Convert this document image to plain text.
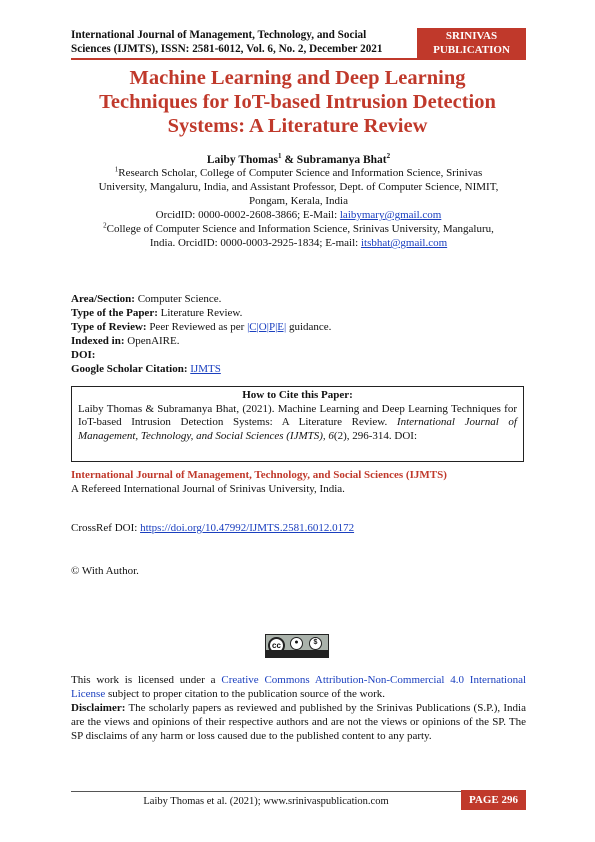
International Journal of Management, Technology, and Social
Sciences (IJMTS), ISSN: 2581-6012, Vol. 6, No. 2, December 2021
SRINIVAS
PUBLICATION
Machine Learning and Deep Learning
Techniques for IoT-based Intrusion Detection
Systems: A Literature Review
Laiby Thomas$^1$ & Subramanya Bhat$^2$
$^1$Research Scholar, College of Computer Science and Information Science, Srinivas
University, Mangaluru, India, and Assistant Professor, Dept. of Computer Science, NIMIT,
Pongam, Kerala, India
OrcidID: 0000-0002-2608-3866; E-Mail: laibymary@gmail.com
$^2$College of Computer Science and Information Science, Srinivas University, Mangaluru,
India. OrcidID: 0000-0003-2925-1834; E-mail: itsbhat@gmail.com
Area/Section: Computer Science.
Type of the Paper: Literature Review.
Type of Review: Peer Reviewed as per |C|O|P|E| guidance.
Indexed in: OpenAIRE.
DOI:
Google Scholar Citation: IJMTS
How to Cite this Paper:
Laiby Thomas & Subramanya Bhat, (2021). Machine Learning and Deep Learning Techniques for IoT-based Intrusion Detection Systems: A Literature Review. International Journal of Management, Technology, and Social Sciences (IJMTS), 6(2), 296-314. DOI:
International Journal of Management, Technology, and Social Sciences (IJMTS)
A Refereed International Journal of Srinivas University, India.
CrossRef DOI: https://doi.org/10.47992/IJMTS.2581.6012.0172
© With Author.
cc	●	$
This work is licensed under a Creative Commons Attribution-Non-Commercial 4.0 International License subject to proper citation to the publication source of the work.
Disclaimer: The scholarly papers as reviewed and published by the Srinivas Publications (S.P.), India are the views and opinions of their respective authors and are not the views or opinions of the SP. The SP disclaims of any harm or loss caused due to the published content to any party.
Laiby Thomas et al. (2021); www.srinivaspublication.com	PAGE 296
